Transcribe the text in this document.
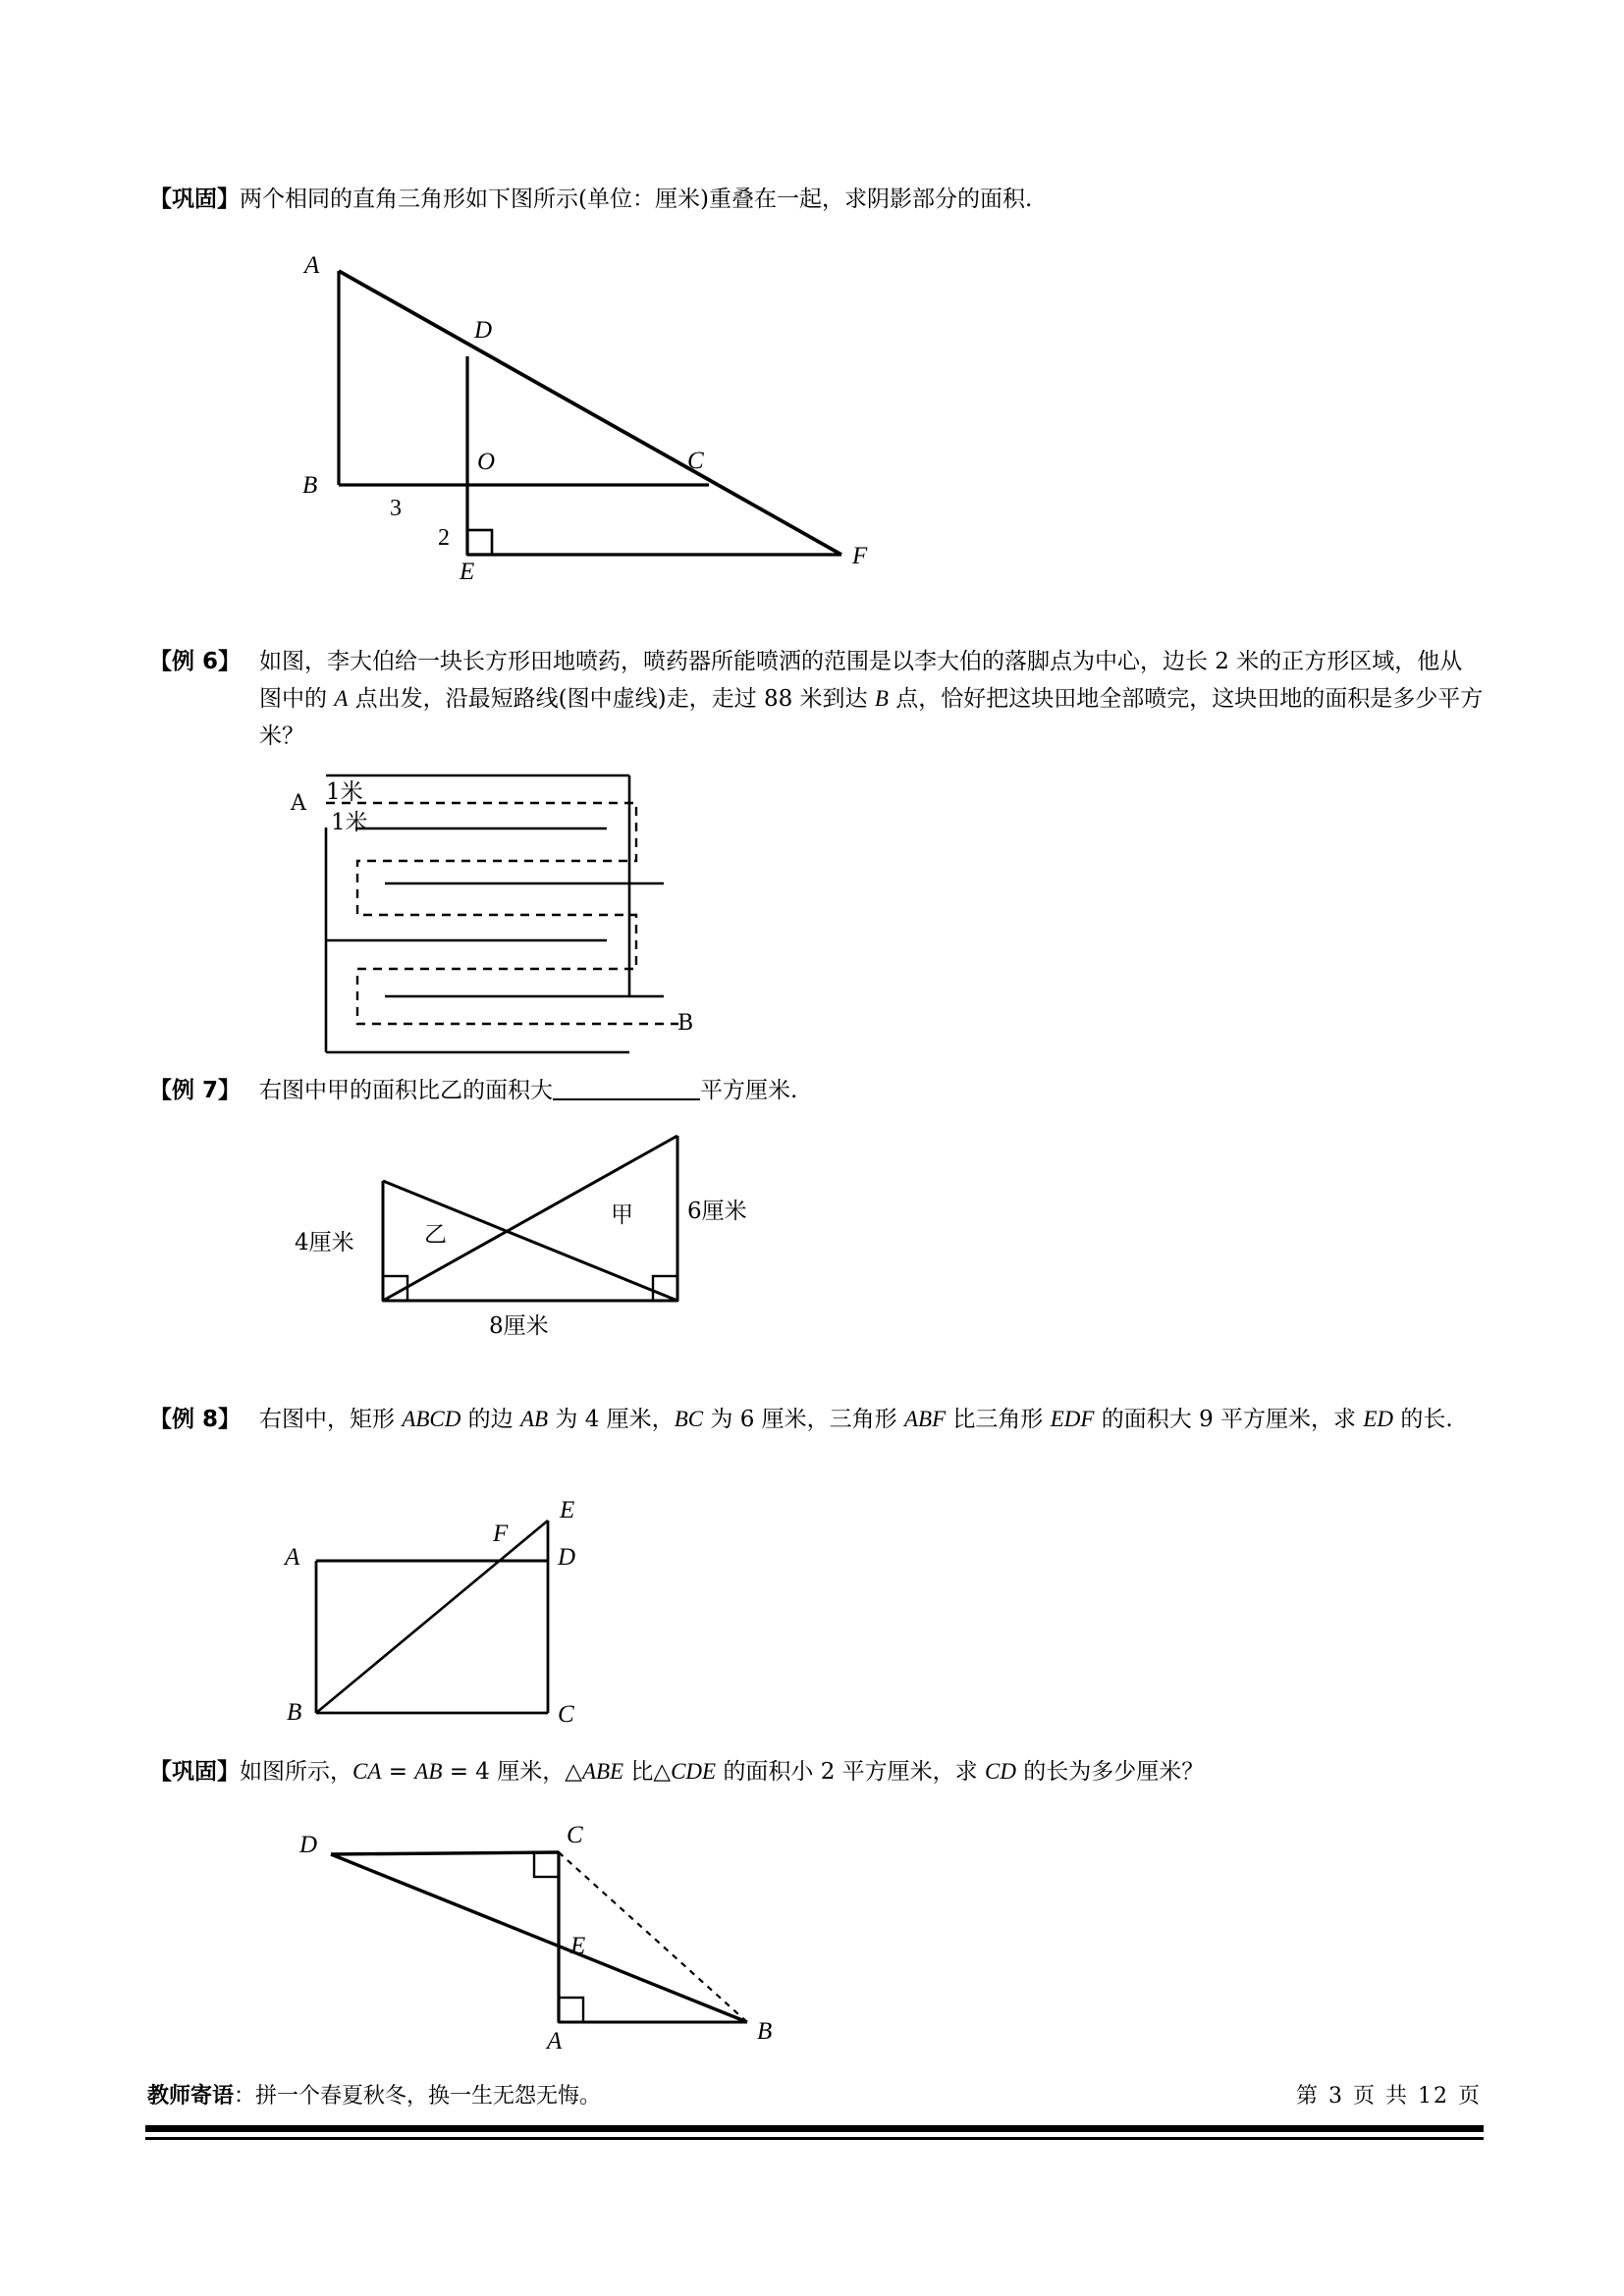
【巩固】 两个相同的直角三角形如下图所示(单位：厘米)重叠在一起，求阴影部分的面积.
A
D
B
O	C
E
F
3
2
【例 6】 如图，李大伯给一块长方形田地喷药，喷药器所能喷洒的范围是以李大伯的落脚点为中心，边长 2 米的正方形区域，他从图中的 A 点出发，沿最短路线(图中虚线)走，走过 88 米到达 B 点，恰好把这块田地全部喷完，这块田地的面积是多少平方米？
A
B
1米
1米
【例 7】 右图中甲的面积比乙的面积大	平方厘米.
4厘米
6厘米
8厘米
乙
甲
【例 8】 右图中，矩形 ABCD 的边 AB 为 4 厘米，BC 为 6 厘米，三角形 ABF 比三角形 EDF 的面积大 9 平方厘米，求 ED 的长.
A	D
B	C
E
F
【巩固】 如图所示，CA = AB = 4 厘米，△ABE 比△CDE 的面积小 2 平方厘米，求 CD 的长为多少厘米？
D	C
E
A	B
教师寄语：拼一个春夏秋冬，换一生无怨无悔。	第 3 页 共 12 页
